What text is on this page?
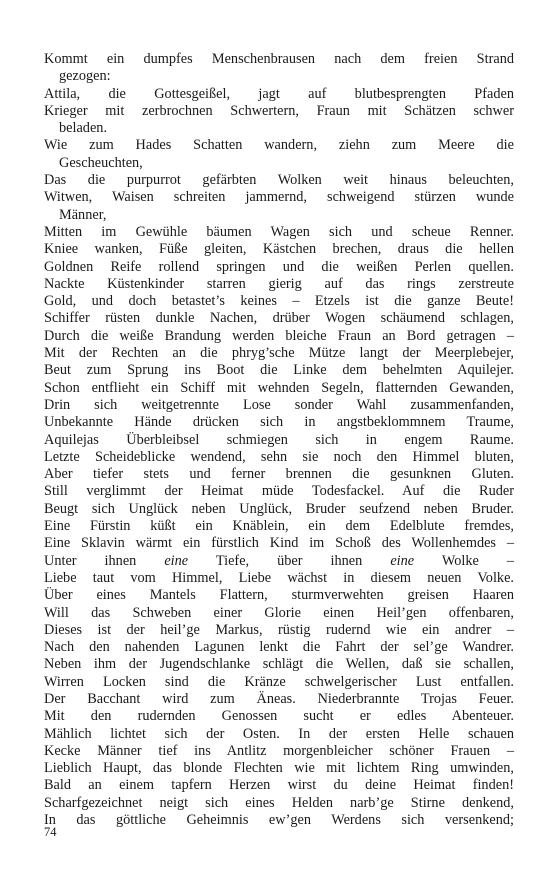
Kommt ein dumpfes Menschenbrausen nach dem freien Strand
gezogen:
Attila, die Gottesgeißel, jagt auf blutbesprengten Pfaden
Krieger mit zerbrochnen Schwertern, Fraun mit Schätzen schwer
beladen.
Wie zum Hades Schatten wandern, ziehn zum Meere die
Gescheuchten,
Das die purpurrot gefärbten Wolken weit hinaus beleuchten,
Witwen, Waisen schreiten jammernd, schweigend stürzen wunde
Männer,
Mitten im Gewühle bäumen Wagen sich und scheue Renner.
Kniee wanken, Füße gleiten, Kästchen brechen, draus die hellen
Goldnen Reife rollend springen und die weißen Perlen quellen.
Nackte Küstenkinder starren gierig auf das rings zerstreute
Gold, und doch betastet’s keines – Etzels ist die ganze Beute!
Schiffer rüsten dunkle Nachen, drüber Wogen schäumend schlagen,
Durch die weiße Brandung werden bleiche Fraun an Bord getragen –
Mit der Rechten an die phryg’sche Mütze langt der Meerplebejer,
Beut zum Sprung ins Boot die Linke dem behelmten Aquilejer.
Schon entflieht ein Schiff mit wehnden Segeln, flatternden Gewanden,
Drin sich weitgetrennte Lose sonder Wahl zusammenfanden,
Unbekannte Hände drücken sich in angstbeklommnem Traume,
Aquilejas Überbleibsel schmiegen sich in engem Raume.
Letzte Scheideblicke wendend, sehn sie noch den Himmel bluten,
Aber tiefer stets und ferner brennen die gesunknen Gluten.
Still verglimmt der Heimat müde Todesfackel. Auf die Ruder
Beugt sich Unglück neben Unglück, Bruder seufzend neben Bruder.
Eine Fürstin küßt ein Knäblein, ein dem Edelblute fremdes,
Eine Sklavin wärmt ein fürstlich Kind im Schoß des Wollenhemdes –
Unter ihnen eine Tiefe, über ihnen eine Wolke –
Liebe taut vom Himmel, Liebe wächst in diesem neuen Volke.
Über eines Mantels Flattern, sturmverwehten greisen Haaren
Will das Schweben einer Glorie einen Heil’gen offenbaren,
Dieses ist der heil’ge Markus, rüstig rudernd wie ein andrer –
Nach den nahenden Lagunen lenkt die Fahrt der sel’ge Wandrer.
Neben ihm der Jugendschlanke schlägt die Wellen, daß sie schallen,
Wirren Locken sind die Kränze schwelgerischer Lust entfallen.
Der Bacchant wird zum Äneas. Niederbrannte Trojas Feuer.
Mit den rudernden Genossen sucht er edles Abenteuer.
Mählich lichtet sich der Osten. In der ersten Helle schauen
Kecke Männer tief ins Antlitz morgenbleicher schöner Frauen –
Lieblich Haupt, das blonde Flechten wie mit lichtem Ring umwinden,
Bald an einem tapfern Herzen wirst du deine Heimat finden!
Scharfgezeichnet neigt sich eines Helden narb’ge Stirne denkend,
In das göttliche Geheimnis ew’gen Werdens sich versenkend;
74
